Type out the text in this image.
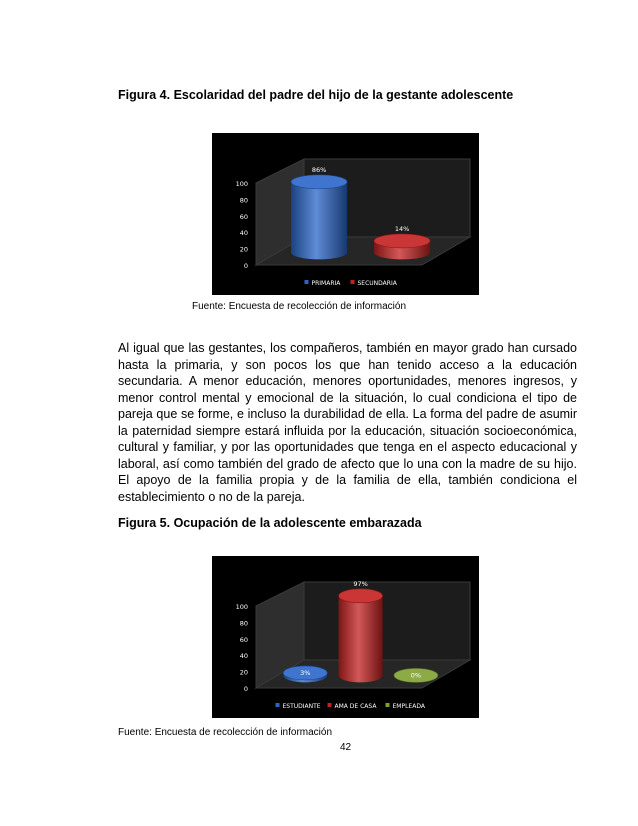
Figura 4. Escolaridad del padre del hijo de la gestante adolescente
0
20
40
60
80
100
86%
14%
PRIMARIA	SECUNDARIA
Fuente: Encuesta de recolección de información
Al igual que las gestantes, los compañeros, también en mayor grado han cursado hasta la primaria, y son pocos los que han tenido acceso a la educación secundaria. A menor educación, menores oportunidades, menores ingresos, y menor control mental y emocional de la situación, lo cual condiciona el tipo de pareja que se forme, e incluso la durabilidad de ella. La forma del padre de asumir la paternidad siempre estará influida por la educación, situación socioeconómica, cultural y familiar, y por las oportunidades que tenga en el aspecto educacional y laboral, así como también del grado de afecto que lo una con la madre de su hijo. El apoyo de la familia propia y de la familia de ella, también condiciona el establecimiento o no de la pareja.
Figura 5. Ocupación de la adolescente embarazada
0
20
40
60
80
100
3%
97%
0%
ESTUDIANTE AMA DE CASA	EMPLEADA
Fuente: Encuesta de recolección de información
42
